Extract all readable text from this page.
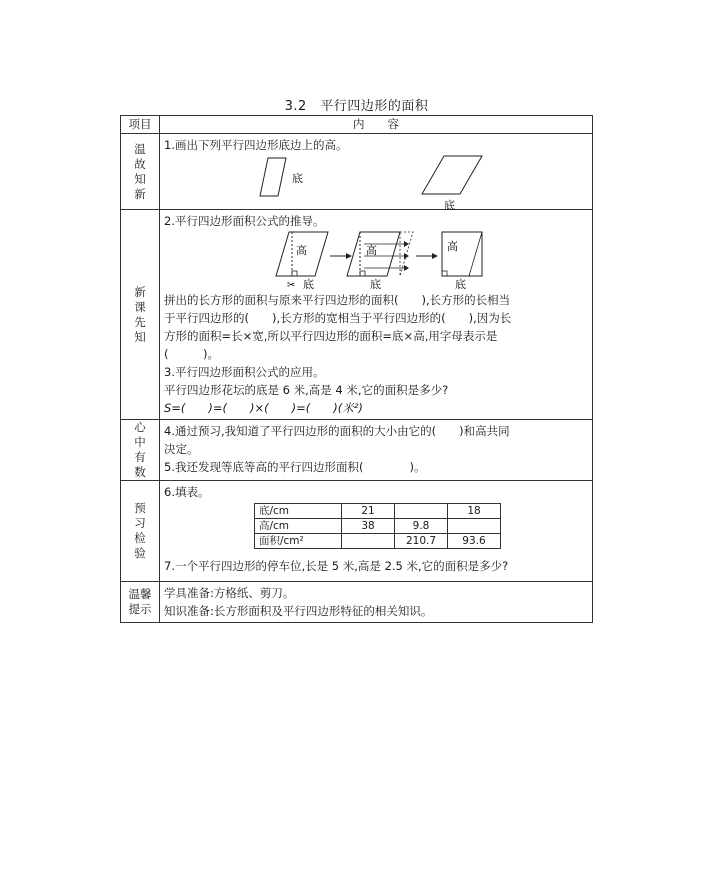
3.2　平行四边形的面积
项目	内　　容
温故知新	
1.画出下列平行四边形底边上的高。
底
底

新课先知	
2.平行四边形面积公式的推导。
高
底
✂
高
底
高
底
拼出的长方形的面积与原来平行四边形的面积(　　),长方形的长相当
于平行四边形的(　　),长方形的宽相当于平行四边形的(　　),因为长
方形的面积=长×宽,所以平行四边形的面积=底×高,用字母表示是
(　　　)。
3.平行四边形面积公式的应用。
平行四边形花坛的底是 6 米,高是 4 米,它的面积是多少?
S=(　　)=(　　)×(　　)=(　　)(米²)

心中有数	
4.通过预习,我知道了平行四边形的面积的大小由它的(　　)和高共同
决定。
5.我还发现等底等高的平行四边形面积(　　　　)。

预习检验	
6.填表。
底/cm	21		18
高/cm	38	9.8	
面积/cm²		210.7	93.6
7.一个平行四边形的停车位,长是 5 米,高是 2.5 米,它的面积是多少?

温馨提示	
学具准备:方格纸、剪刀。
知识准备:长方形面积及平行四边形特征的相关知识。
